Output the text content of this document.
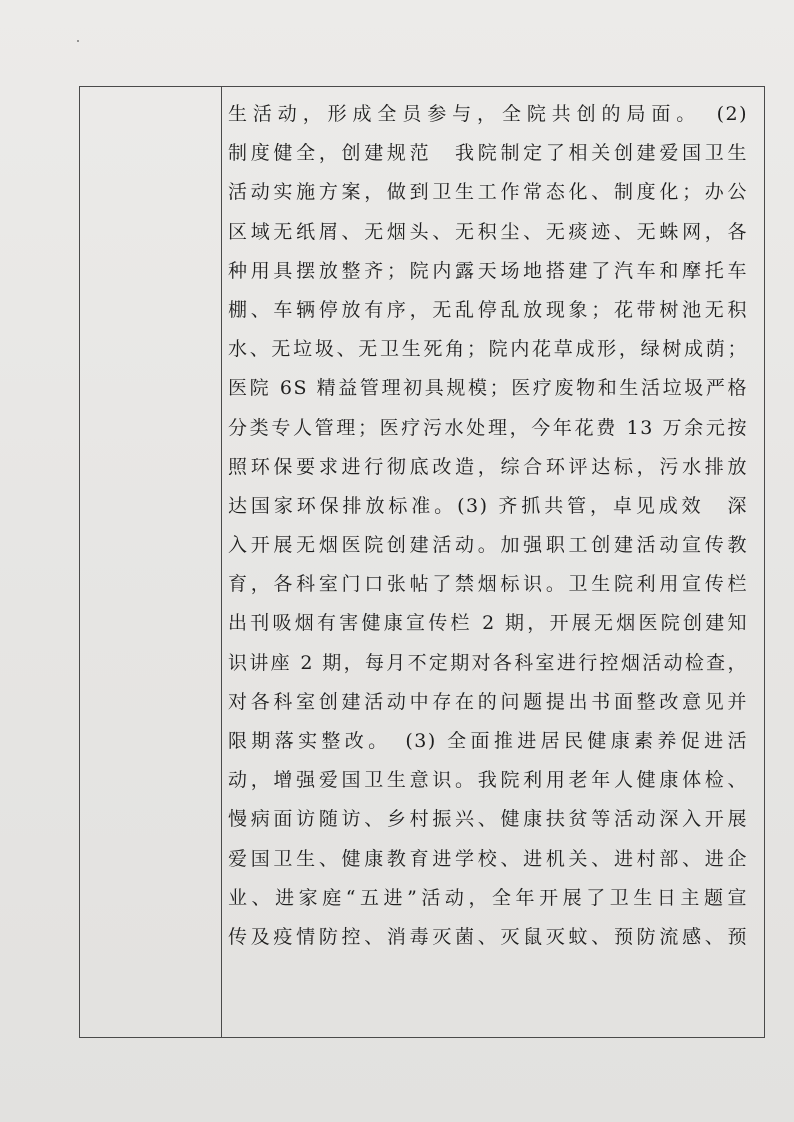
生活动，形成全员参与，全院共创的局面。　(2)
制度健全，创建规范　我院制定了相关创建爱国卫生
活动实施方案，做到卫生工作常态化、制度化；办公
区域无纸屑、无烟头、无积尘、无痰迹、无蛛网，各
种用具摆放整齐；院内露天场地搭建了汽车和摩托车
棚、车辆停放有序，无乱停乱放现象；花带树池无积
水、无垃圾、无卫生死角；院内花草成形，绿树成荫；
医院 6S 精益管理初具规模；医疗废物和生活垃圾严格
分类专人管理；医疗污水处理，今年花费 13 万余元按
照环保要求进行彻底改造，综合环评达标，污水排放
达国家环保排放标准。(3) 齐抓共管，卓见成效　深
入开展无烟医院创建活动。加强职工创建活动宣传教
育，各科室门口张帖了禁烟标识。卫生院利用宣传栏
出刊吸烟有害健康宣传栏 2 期，开展无烟医院创建知
识讲座 2 期，每月不定期对各科室进行控烟活动检查，
对各科室创建活动中存在的问题提出书面整改意见并
限期落实整改。　(3) 全面推进居民健康素养促进活
动，增强爱国卫生意识。我院利用老年人健康体检、
慢病面访随访、乡村振兴、健康扶贫等活动深入开展
爱国卫生、健康教育进学校、进机关、进村部、进企
业、进家庭“五进”活动，全年开展了卫生日主题宣
传及疫情防控、消毒灭菌、灭鼠灭蚊、预防流感、预
